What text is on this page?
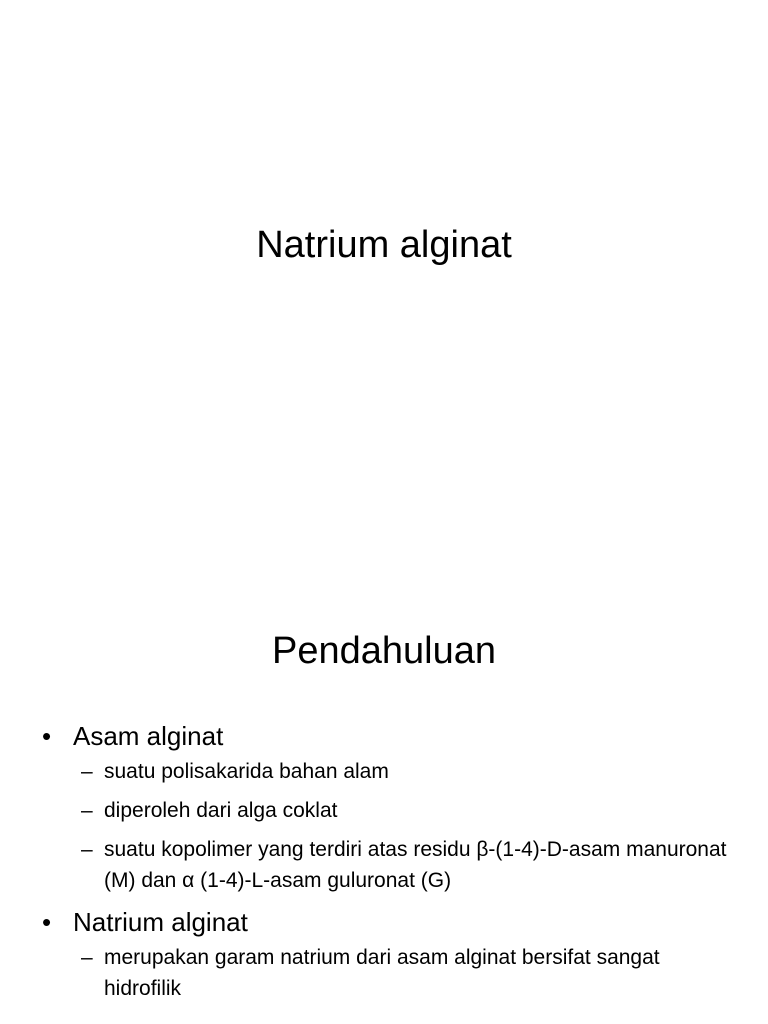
Natrium alginat
Pendahuluan
• Asam alginat
– suatu polisakarida bahan alam
– diperoleh dari alga coklat
– suatu kopolimer yang terdiri atas residu β-(1-4)-D-asam manuronat (M) dan α (1-4)-L-asam guluronat (G)
• Natrium alginat
– merupakan garam natrium dari asam alginat bersifat sangat hidrofilik
